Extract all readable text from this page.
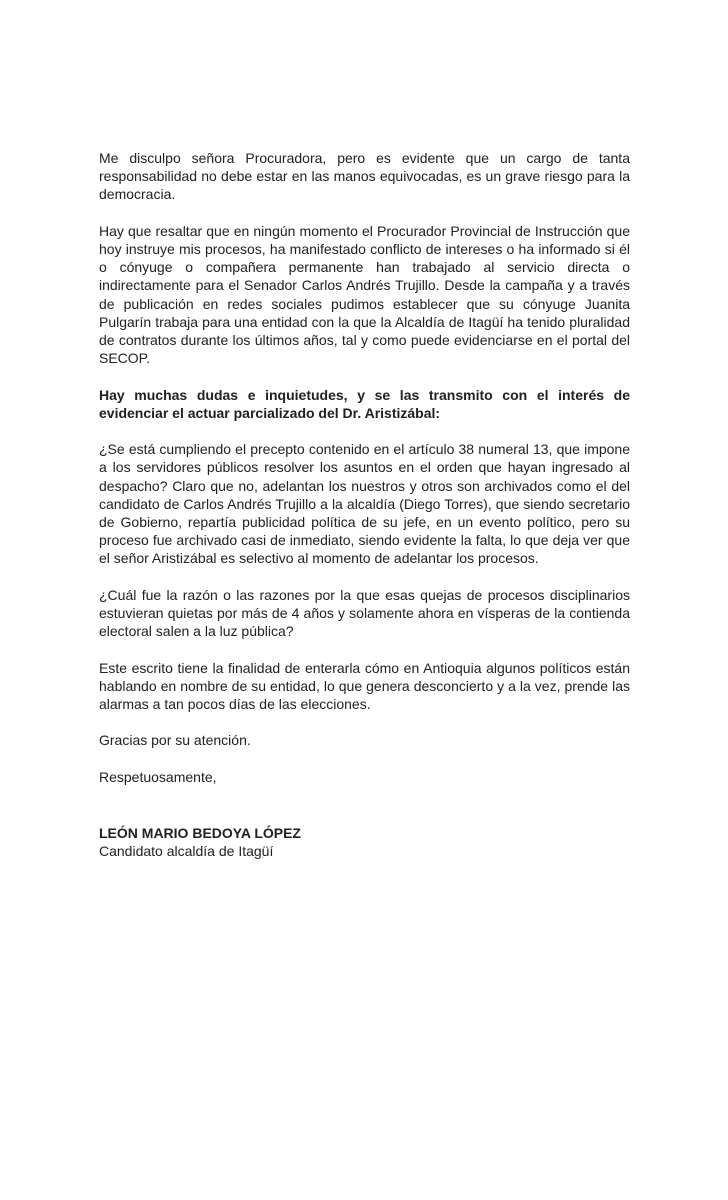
Me disculpo señora Procuradora, pero es evidente que un cargo de tanta responsabilidad no debe estar en las manos equivocadas, es un grave riesgo para la democracia.

Hay que resaltar que en ningún momento el Procurador Provincial de Instrucción que hoy instruye mis procesos, ha manifestado conflicto de intereses o ha informado si él o cónyuge o compañera permanente han trabajado al servicio directa o indirectamente para el Senador Carlos Andrés Trujillo. Desde la campaña y a través de publicación en redes sociales pudimos establecer que su cónyuge Juanita Pulgarín trabaja para una entidad con la que la Alcaldía de Itagüí ha tenido pluralidad de contratos durante los últimos años, tal y como puede evidenciarse en el portal del SECOP.

Hay muchas dudas e inquietudes, y se las transmito con el interés de evidenciar el actuar parcializado del Dr. Aristizábal:

¿Se está cumpliendo el precepto contenido en el artículo 38 numeral 13, que impone a los servidores públicos resolver los asuntos en el orden que hayan ingresado al despacho? Claro que no, adelantan los nuestros y otros son archivados como el del candidato de Carlos Andrés Trujillo a la alcaldía (Diego Torres), que siendo secretario de Gobierno, repartía publicidad política de su jefe, en un evento político, pero su proceso fue archivado casi de inmediato, siendo evidente la falta, lo que deja ver que el señor Aristizábal es selectivo al momento de adelantar los procesos.

¿Cuál fue la razón o las razones por la que esas quejas de procesos disciplinarios estuvieran quietas por más de 4 años y solamente ahora en vísperas de la contienda electoral salen a la luz pública?

Este escrito tiene la finalidad de enterarla cómo en Antioquia algunos políticos están hablando en nombre de su entidad, lo que genera desconcierto y a la vez, prende las alarmas a tan pocos días de las elecciones.

Gracias por su atención.

Respetuosamente,

LEÓN MARIO BEDOYA LÓPEZ

Candidato alcaldía de Itagüí
